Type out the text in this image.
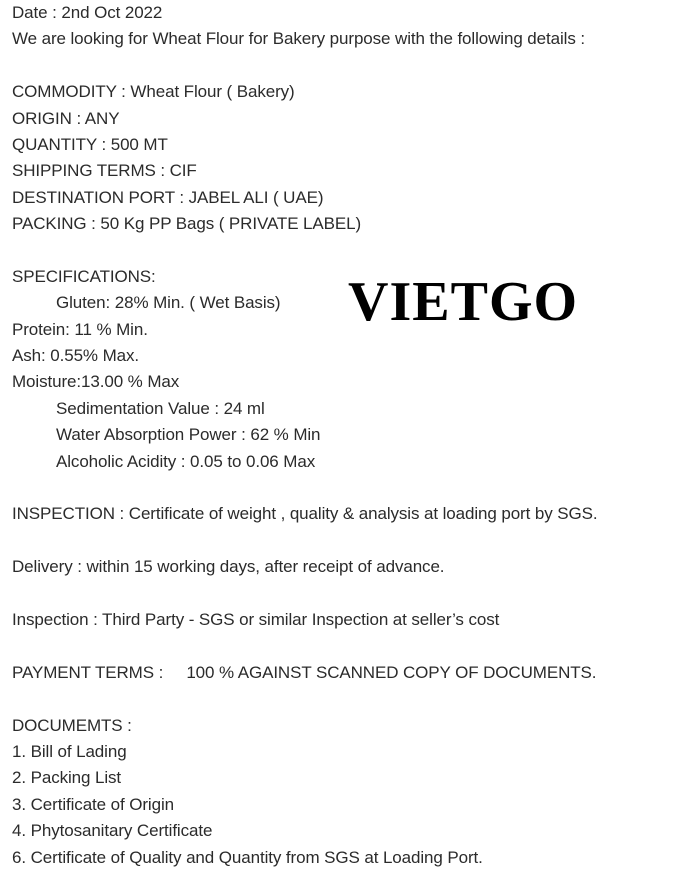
Date : 2nd Oct 2022
We are looking for Wheat Flour for Bakery purpose with the following details :
COMMODITY : Wheat Flour ( Bakery)
ORIGIN : ANY
QUANTITY : 500 MT
SHIPPING TERMS : CIF
DESTINATION PORT : JABEL ALI ( UAE)
PACKING : 50 Kg PP Bags ( PRIVATE LABEL)
SPECIFICATIONS:
Gluten: 28% Min. ( Wet Basis)
Protein: 11 % Min.
Ash: 0.55% Max.
Moisture:13.00 % Max
Sedimentation Value : 24 ml
Water Absorption Power : 62 % Min
Alcoholic Acidity : 0.05 to 0.06 Max
INSPECTION : Certificate of weight , quality & analysis at loading port by SGS.
Delivery : within 15 working days, after receipt of advance.
Inspection : Third Party - SGS or similar Inspection at seller’s cost
PAYMENT TERMS :     100 % AGAINST SCANNED COPY OF DOCUMENTS.
DOCUMEMTS :
1. Bill of Lading
2. Packing List
3. Certificate of Origin
4. Phytosanitary Certificate
6. Certificate of Quality and Quantity from SGS at Loading Port.
VIETGO
